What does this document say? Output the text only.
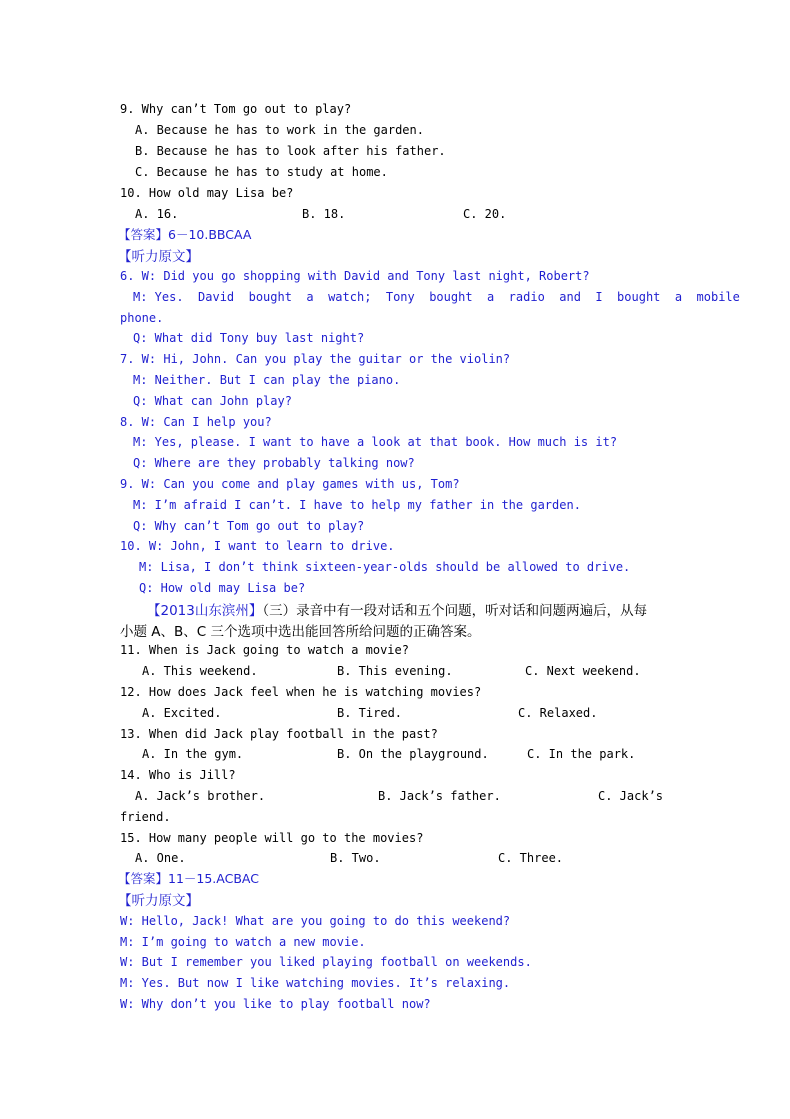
9. Why can’t Tom go out to play?
A. Because he has to work in the garden.
B. Because he has to look after his father.
C. Because he has to study at home.
10. How old may Lisa be?
A. 16.	B. 18.	C. 20.
【答案】6－10.BBCAA
【听力原文】
6. W: Did you go shopping with David and Tony last night, Robert?
M: Yes.  David  bought  a  watch;  Tony  bought  a  radio  and  I  bought  a  mobile
phone.
Q: What did Tony buy last night?
7. W: Hi, John. Can you play the guitar or the violin?
M: Neither. But I can play the piano.
Q: What can John play?
8. W: Can I help you?
M: Yes, please. I want to have a look at that book. How much is it?
Q: Where are they probably talking now?
9. W: Can you come and play games with us, Tom?
M: I’m afraid I can’t. I have to help my father in the garden.
Q: Why can’t Tom go out to play?
10. W: John, I want to learn to drive.
M: Lisa, I don’t think sixteen-year-olds should be allowed to drive.
Q: How old may Lisa be?
【2013山东滨州】（三）录音中有一段对话和五个问题，听对话和问题两遍后，从每
小题 A、B、C 三个选项中选出能回答所给问题的正确答案。
11. When is Jack going to watch a movie?
A. This weekend.	B. This evening.	C. Next weekend.
12. How does Jack feel when he is watching movies?
A. Excited.	B. Tired.	C. Relaxed.
13. When did Jack play football in the past?
A. In the gym.	B. On the playground.	C. In the park.
14. Who is Jill?
A. Jack’s brother.	B. Jack’s father.	C. Jack’s
friend.
15. How many people will go to the movies?
A. One.	B. Two.	C. Three.
【答案】11－15.ACBAC
【听力原文】
W: Hello, Jack! What are you going to do this weekend?
M: I’m going to watch a new movie.
W: But I remember you liked playing football on weekends.
M: Yes. But now I like watching movies. It’s relaxing.
W: Why don’t you like to play football now?
